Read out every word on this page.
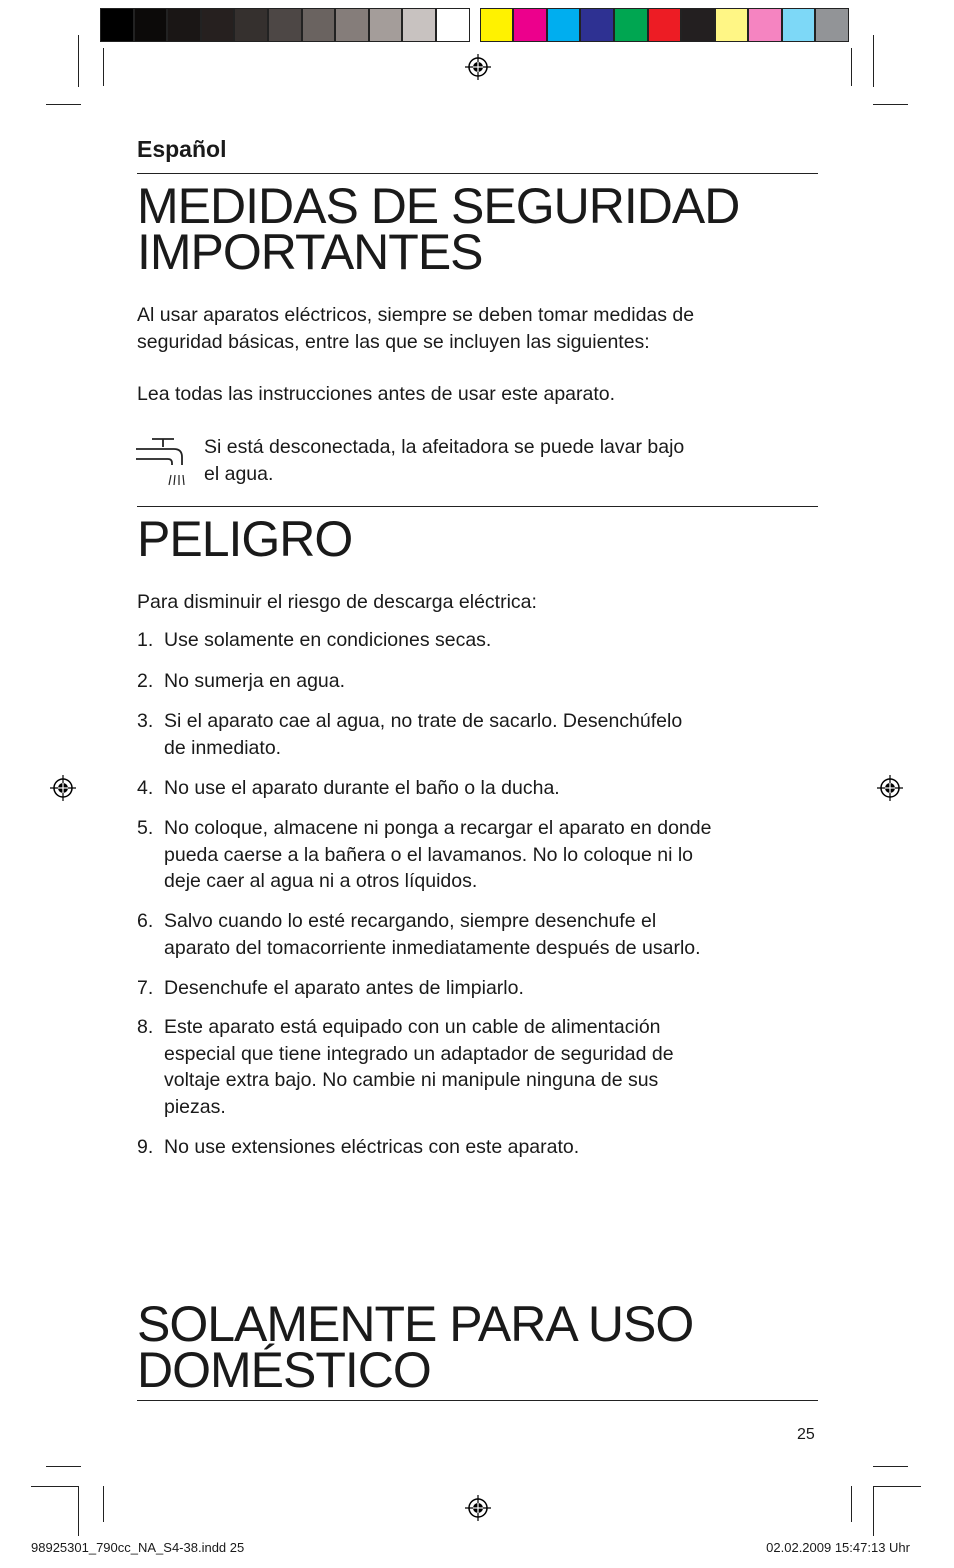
Español
MEDIDAS DE SEGURIDAD
IMPORTANTES
Al usar aparatos eléctricos, siempre se deben tomar medidas de
seguridad básicas, entre las que se incluyen las siguientes:
Lea todas las instrucciones antes de usar este aparato.
Si está desconectada, la afeitadora se puede lavar bajo
el agua.
PELIGRO
Para disminuir el riesgo de descarga eléctrica:
1. Use solamente en condiciones secas.
2. No sumerja en agua.
3. Si el aparato cae al agua, no trate de sacarlo. Desenchúfelo
de inmediato.
4. No use el aparato durante el baño o la ducha.
5. No coloque, almacene ni ponga a recargar el aparato en donde
pueda caerse a la bañera o el lavamanos. No lo coloque ni lo
deje caer al agua ni a otros líquidos.
6. Salvo cuando lo esté recargando, siempre desenchufe el
aparato del tomacorriente inmediatamente después de usarlo.
7. Desenchufe el aparato antes de limpiarlo.
8. Este aparato está equipado con un cable de alimentación
especial que tiene integrado un adaptador de seguridad de
voltaje extra bajo. No cambie ni manipule ninguna de sus
piezas.
9. No use extensiones eléctricas con este aparato.
SOLAMENTE PARA USO
DOMÉSTICO
25
98925301_790cc_NA_S4-38.indd 25	02.02.2009 15:47:13 Uhr
